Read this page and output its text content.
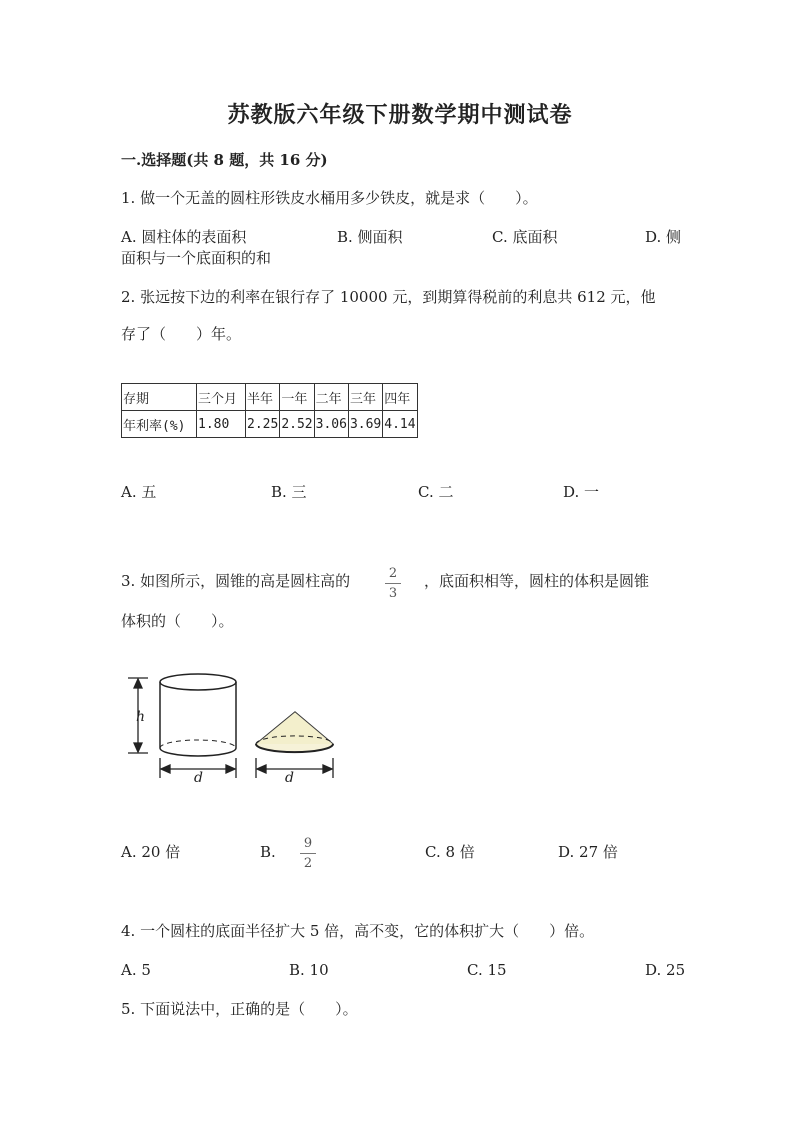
苏教版六年级下册数学期中测试卷
一.选择题(共 8 题，共 16 分)
1. 做一个无盖的圆柱形铁皮水桶用多少铁皮，就是求（　　）。
A. 圆柱体的表面积	B. 侧面积	C. 底面积	D. 侧
面积与一个底面积的和
2. 张远按下边的利率在银行存了 10000 元，到期算得税前的利息共 612 元，他
存了（　　）年。
存期	三个月	半年	一年	二年	三年	四年
年利率(%)	1.80	2.25	2.52	3.06	3.69	4.14
A. 五	B. 三	C. 二	D. 一
3. 如图所示，圆锥的高是圆柱高的	2
3
，底面积相等，圆柱的体积是圆锥
体积的（　　）。
h
d	d
A. 20 倍	B.	9
2
C. 8 倍	D. 27 倍
4. 一个圆柱的底面半径扩大 5 倍，高不变，它的体积扩大（　　）倍。
A. 5	B. 10	C. 15	D. 25
5. 下面说法中，正确的是（　　）。
